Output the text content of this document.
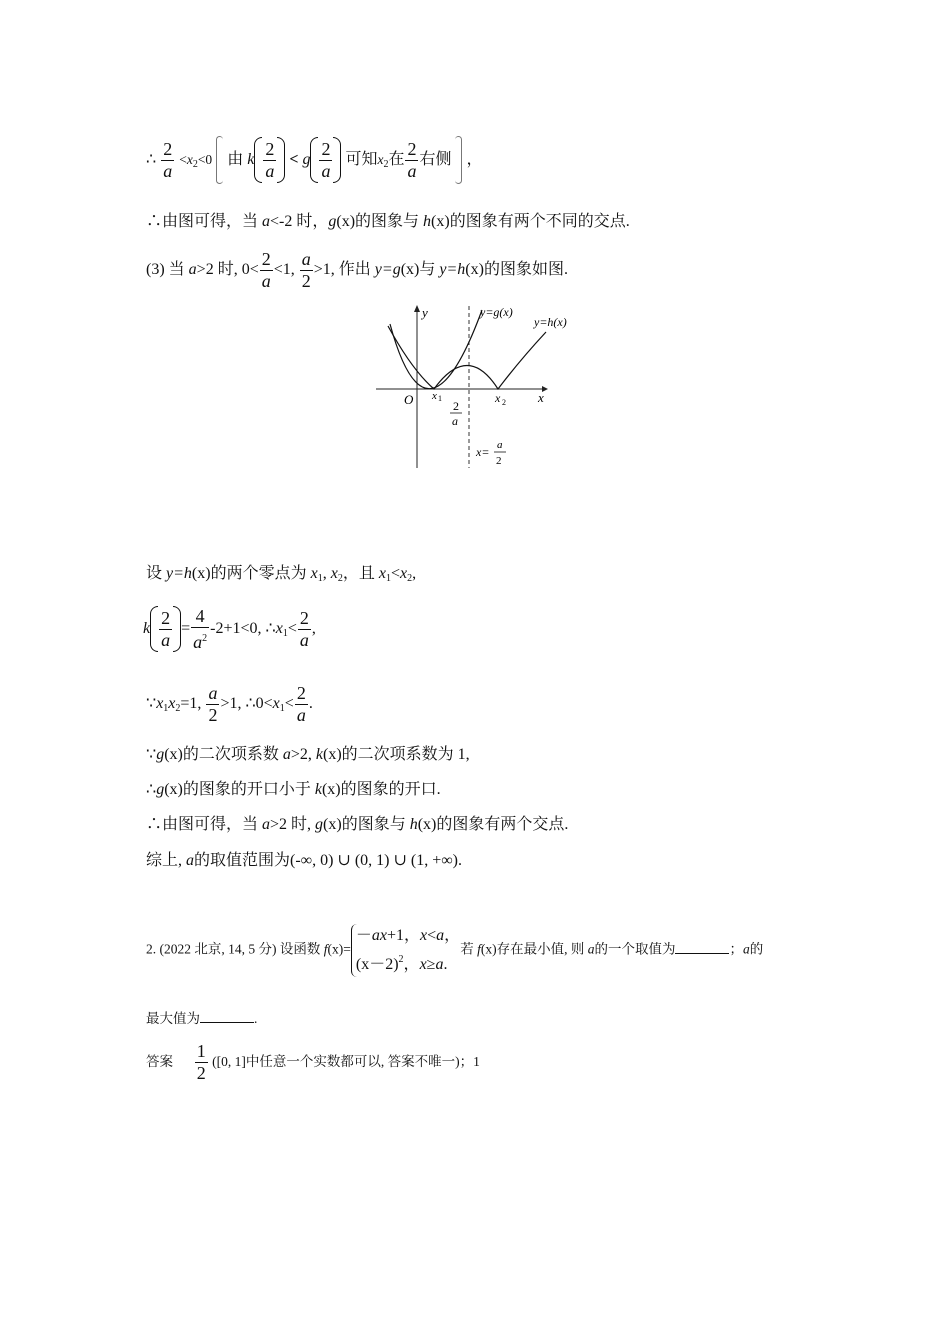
∴ $\frac{2}{a} <x_2<0$ 由 k $\frac{2}{a} < g \frac{2}{a}$ 可知$x_2$在 $\frac{2}{a}$ 右侧 ，
∴由图可得，当 a<-2 时，g(x)的图象与 h(x)的图象有两个不同的交点.
(3) 当 a>2 时, $0< \frac{2}{a} <1$, $\frac{a}{2} >1$, 作出 y=g(x)与 y=h(x)的图象如图.
y
x
O
y=g(x)
y=h(x)
x 1	x 2
2
a
x= a
2
设 y=h(x)的两个零点为 $x_1$, $x_2$，且 $x_1<x_2$,
k $\frac{2}{a} = \frac{4}{a^2} -2+1<0$, $\therefore x_1< \frac{2}{a}$ ,
$\because x_1x_2=1$, $\frac{a}{2} >1$, $\therefore 0<x_1< \frac{2}{a}$ .
∵g(x)的二次项系数 a>2, k(x)的二次项系数为 1,
∴g(x)的图象的开口小于 k(x)的图象的开口.
∴由图可得，当 a>2 时, g(x)的图象与 h(x)的图象有两个交点.
综上, a的取值范围为(-∞, 0) ∪ (0, 1) ∪ (1, +∞).
2. (2022 北京, 14, 5 分) 设函数 f(x)=－ax+1，x<a，
$(x-2)^2$，x≥a.若 f(x)存在最小值, 则 a的一个取值为	；a的
最大值为	.
答案 $\frac{1}{2} ([0$, 1]中任意一个实数都可以, 答案不唯一)；1
